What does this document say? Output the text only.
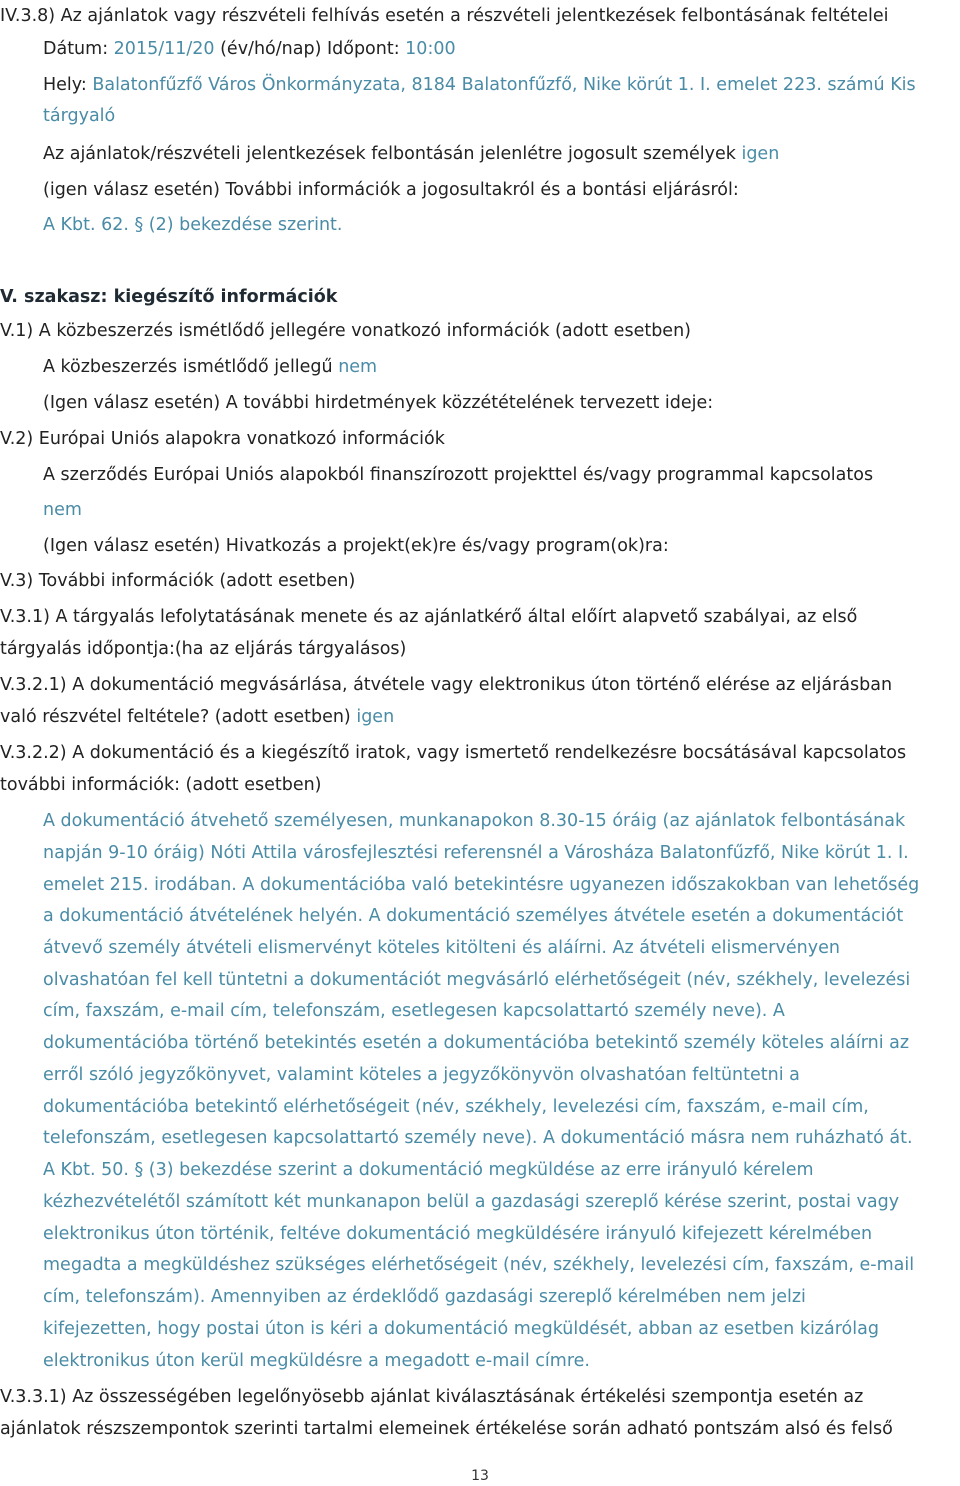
IV.3.8) Az ajánlatok vagy részvételi felhívás esetén a részvételi jelentkezések felbontásának feltételei
Dátum: 2015/11/20 (év/hó/nap) Időpont: 10:00
Hely: Balatonfűzfő Város Önkormányzata, 8184 Balatonfűzfő, Nike körút 1. I. emelet 223. számú Kis
tárgyaló
Az ajánlatok/részvételi jelentkezések felbontásán jelenlétre jogosult személyek igen
(igen válasz esetén) További információk a jogosultakról és a bontási eljárásról:
A Kbt. 62. § (2) bekezdése szerint.
V. szakasz: kiegészítő információk
V.1) A közbeszerzés ismétlődő jellegére vonatkozó információk (adott esetben)
A közbeszerzés ismétlődő jellegű nem
(Igen válasz esetén) A további hirdetmények közzétételének tervezett ideje:
V.2) Európai Uniós alapokra vonatkozó információk
A szerződés Európai Uniós alapokból finanszírozott projekttel és/vagy programmal kapcsolatos
nem
(Igen válasz esetén) Hivatkozás a projekt(ek)re és/vagy program(ok)ra:
V.3) További információk (adott esetben)
V.3.1) A tárgyalás lefolytatásának menete és az ajánlatkérő által előírt alapvető szabályai, az első
tárgyalás időpontja:(ha az eljárás tárgyalásos)
V.3.2.1) A dokumentáció megvásárlása, átvétele vagy elektronikus úton történő elérése az eljárásban
való részvétel feltétele? (adott esetben) igen
V.3.2.2) A dokumentáció és a kiegészítő iratok, vagy ismertető rendelkezésre bocsátásával kapcsolatos
további információk: (adott esetben)
A dokumentáció átvehető személyesen, munkanapokon 8.30-15 óráig (az ajánlatok felbontásának
napján 9-10 óráig) Nóti Attila városfejlesztési referensnél a Városháza Balatonfűzfő, Nike körút 1. I.
emelet 215. irodában. A dokumentációba való betekintésre ugyanezen időszakokban van lehetőség
a dokumentáció átvételének helyén. A dokumentáció személyes átvétele esetén a dokumentációt
átvevő személy átvételi elismervényt köteles kitölteni és aláírni. Az átvételi elismervényen
olvashatóan fel kell tüntetni a dokumentációt megvásárló elérhetőségeit (név, székhely, levelezési
cím, faxszám, e-mail cím, telefonszám, esetlegesen kapcsolattartó személy neve). A
dokumentációba történő betekintés esetén a dokumentációba betekintő személy köteles aláírni az
erről szóló jegyzőkönyvet, valamint köteles a jegyzőkönyvön olvashatóan feltüntetni a
dokumentációba betekintő elérhetőségeit (név, székhely, levelezési cím, faxszám, e-mail cím,
telefonszám, esetlegesen kapcsolattartó személy neve). A dokumentáció másra nem ruházható át.
A Kbt. 50. § (3) bekezdése szerint a dokumentáció megküldése az erre irányuló kérelem
kézhezvételétől számított két munkanapon belül a gazdasági szereplő kérése szerint, postai vagy
elektronikus úton történik, feltéve dokumentáció megküldésére irányuló kifejezett kérelmében
megadta a megküldéshez szükséges elérhetőségeit (név, székhely, levelezési cím, faxszám, e-mail
cím, telefonszám). Amennyiben az érdeklődő gazdasági szereplő kérelmében nem jelzi
kifejezetten, hogy postai úton is kéri a dokumentáció megküldését, abban az esetben kizárólag
elektronikus úton kerül megküldésre a megadott e-mail címre.
V.3.3.1) Az összességében legelőnyösebb ajánlat kiválasztásának értékelési szempontja esetén az
ajánlatok részszempontok szerinti tartalmi elemeinek értékelése során adható pontszám alsó és felső
13
